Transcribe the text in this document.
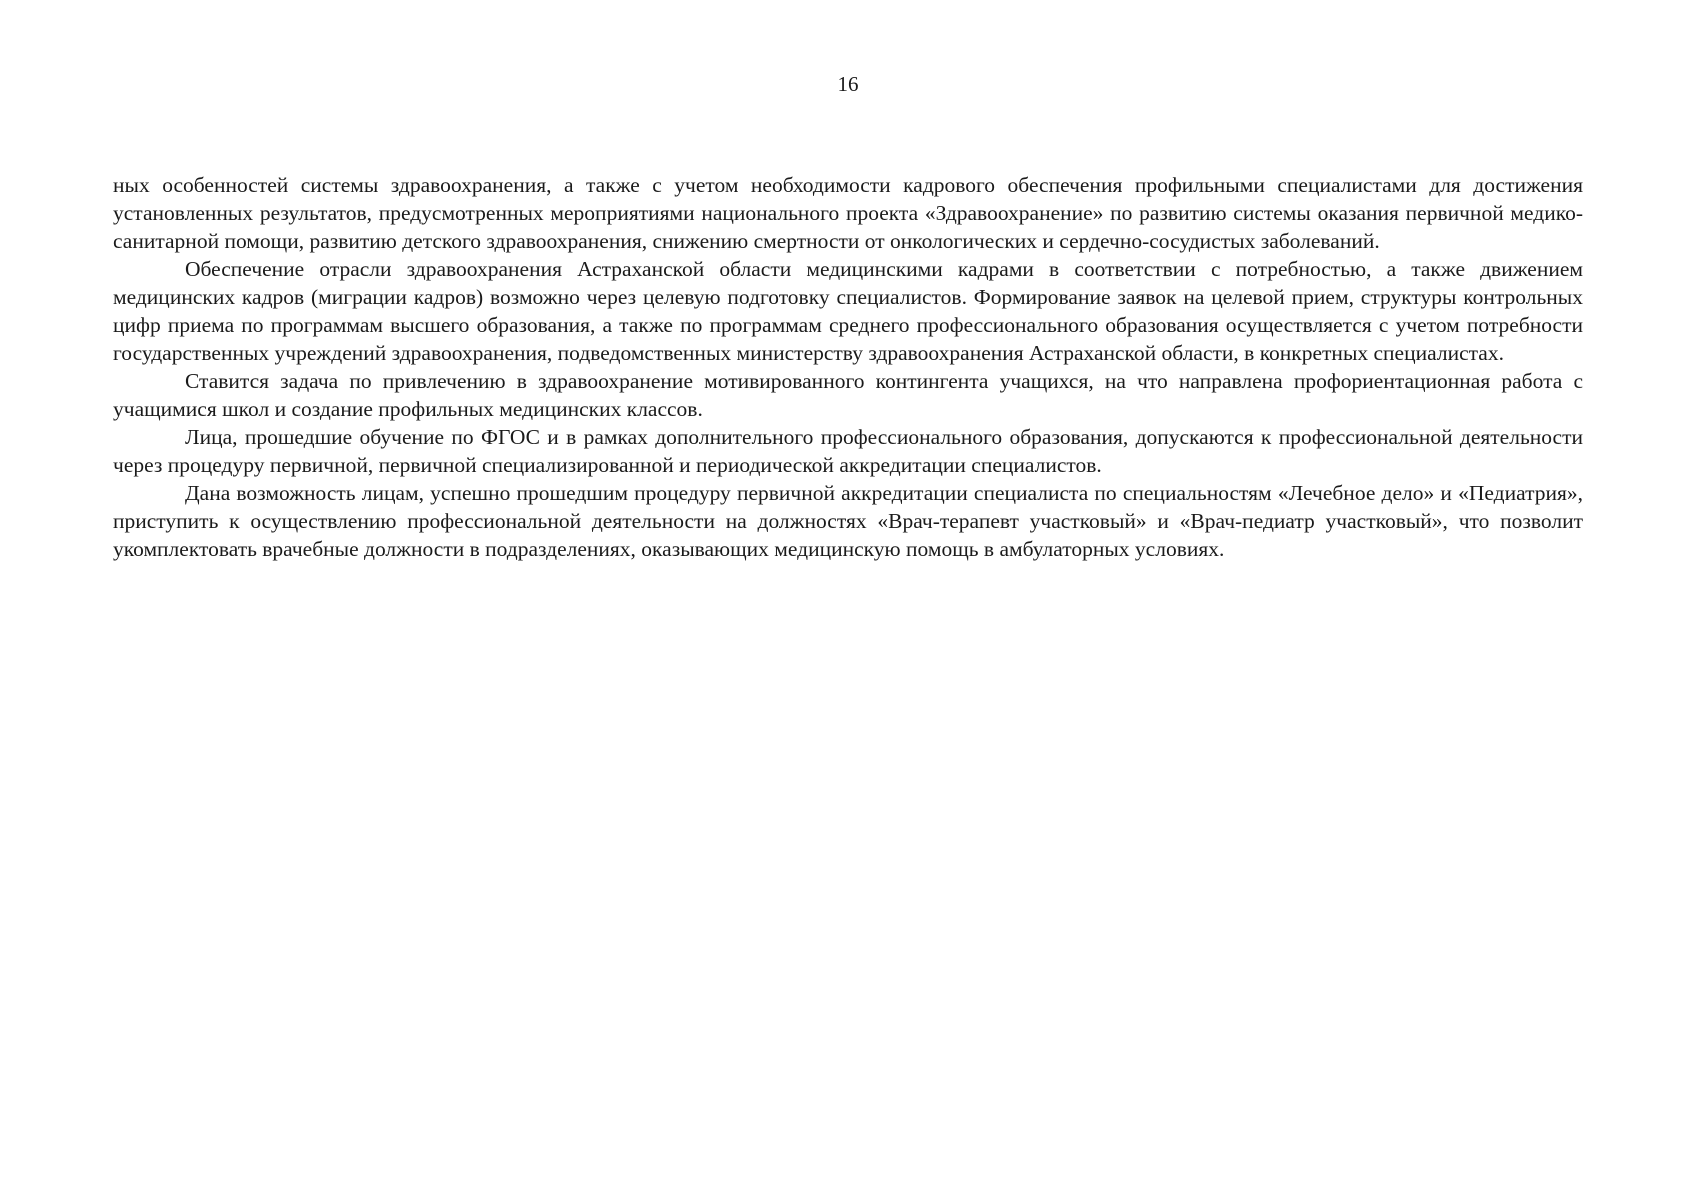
16

ных особенностей системы здравоохранения, а также с учетом необходимости кадрового обеспечения профильными специалистами для достижения установленных результатов, предусмотренных мероприятиями национального проекта «Здравоохранение» по развитию системы оказания первичной медико-санитарной помощи, развитию детского здравоохранения, снижению смертности от онкологических и сердечно-сосудистых заболеваний.

Обеспечение отрасли здравоохранения Астраханской области медицинскими кадрами в соответствии с потребностью, а также движением медицинских кадров (миграции кадров) возможно через целевую подготовку специалистов. Формирование заявок на целевой прием, структуры контрольных цифр приема по программам высшего образования, а также по программам среднего профессионального образования осуществляется с учетом потребности государственных учреждений здравоохранения, подведомственных министерству здравоохранения Астраханской области, в конкретных специалистах.

Ставится задача по привлечению в здравоохранение мотивированного контингента учащихся, на что направлена профориентационная работа с учащимися школ и создание профильных медицинских классов.

Лица, прошедшие обучение по ФГОС и в рамках дополнительного профессионального образования, допускаются к профессиональной деятельности через процедуру первичной, первичной специализированной и периодической аккредитации специалистов.

Дана возможность лицам, успешно прошедшим процедуру первичной аккредитации специалиста по специальностям «Лечебное дело» и «Педиатрия», приступить к осуществлению профессиональной деятельности на должностях «Врач-терапевт участковый» и «Врач-педиатр участковый», что позволит укомплектовать врачебные должности в подразделениях, оказывающих медицинскую помощь в амбулаторных условиях.
